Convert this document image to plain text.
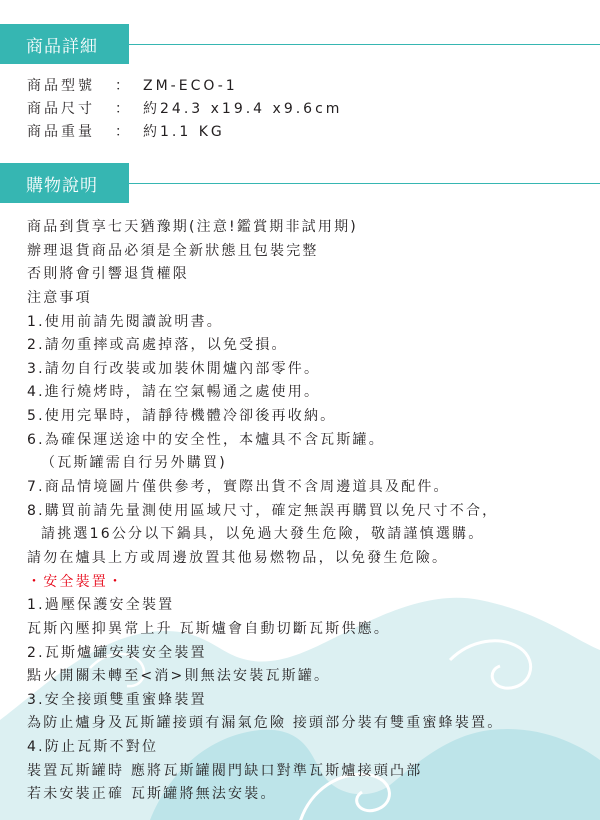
商品詳細
商品型號 ： ZM-ECO-1
商品尺寸 ： 約24.3 x19.4 x9.6cm
商品重量 ： 約1.1 KG
購物說明
商品到貨享七天猶豫期(注意!鑑賞期非試用期)
辦理退貨商品必須是全新狀態且包裝完整
否則將會引響退貨權限
注意事項
1.使用前請先閱讀說明書。
2.請勿重摔或高處掉落，以免受損。
3.請勿自行改裝或加裝休閒爐內部零件。
4.進行燒烤時，請在空氣暢通之處使用。
5.使用完畢時，請靜待機體冷卻後再收納。
6.為確保運送途中的安全性，本爐具不含瓦斯罐。
（瓦斯罐需自行另外購買)
7.商品情境圖片僅供參考，實際出貨不含周邊道具及配件。
8.購買前請先量測使用區域尺寸，確定無誤再購買以免尺寸不合，
請挑選16公分以下鍋具，以免過大發生危險，敬請謹慎選購。
請勿在爐具上方或周邊放置其他易燃物品，以免發生危險。
・安全裝置・
1.過壓保護安全裝置
瓦斯內壓抑異常上升 瓦斯爐會自動切斷瓦斯供應。
2.瓦斯爐罐安裝安全裝置
點火開關未轉至<消>則無法安裝瓦斯罐。
3.安全接頭雙重蜜蜂裝置
為防止爐身及瓦斯罐接頭有漏氣危險 接頭部分裝有雙重蜜蜂裝置。
4.防止瓦斯不對位
裝置瓦斯罐時 應將瓦斯罐閥門缺口對準瓦斯爐接頭凸部
若未安裝正確 瓦斯罐將無法安裝。
